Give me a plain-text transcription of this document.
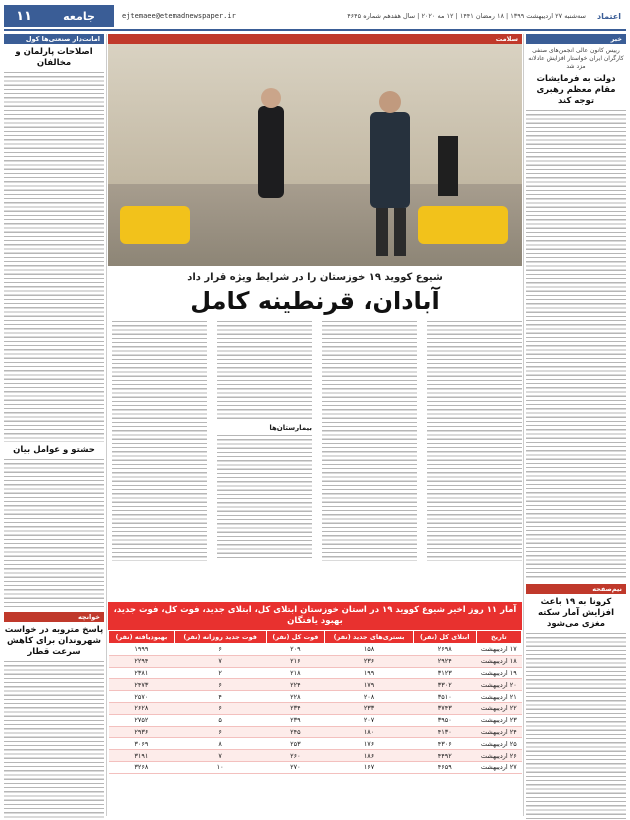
اعتماد
سه‌شنبه ۲۷ اردیبهشت ۱۳۹۹ | ۱۸ رمضان ۱۴۴۱ | ۱۲ مه ۲۰۲۰ | سال هفدهم شماره ۴۶۴۵
ejtemaee@etemadnewspaper.ir
جامعه
۱۱
خبر
رییس کانون عالی انجمن‌های صنفی کارگران ایران خواستار افزایش عادلانه مزد شد
دولت به فرمایشات مقام معظم رهبری توجه کند
نیم‌صفحه
کرونا به ۱۹ باعث افزایش آمار سکته مغزی می‌شود
امانت‌دار صنعتی‌ها کول
اصلاحات پارلمان و مخالفان
حشتو و عوامل بیان
خوانچه
پاسخ متروبه در خواست شهروندان برای کاهش سرعت قطار
سلامت
شیوع کووید ۱۹ خوزستان را در شرایط ویژه قرار داد
آبادان، قرنطینه کامل
بیمارستان‌ها
آمار ۱۱ روز اخیر شیوع کووید ۱۹ در استان خوزستان ابتلای کل، ابتلای جدید، فوت کل، فوت جدید، بهبود یافتگان
تاریخ	ابتلای کل (نفر)	بستری‌های جدید (نفر)	فوت کل (نفر)	فوت جدید روزانه (نفر)	بهبودیافته (نفر)
۱۷ اردیبهشت	۲۶۹۸	۱۵۸	۲۰۹	۶	۱۹۹۹
۱۸ اردیبهشت	۲۹۲۴	۲۳۶	۲۱۶	۷	۲۲۹۴
۱۹ اردیبهشت	۳۱۲۳	۱۹۹	۲۱۸	۲	۲۳۸۱
۲۰ اردیبهشت	۳۳۰۲	۱۷۹	۲۲۴	۶	۲۴۷۳
۲۱ اردیبهشت	۳۵۱۰	۲۰۸	۲۲۸	۴	۲۵۷۰
۲۲ اردیبهشت	۳۷۴۳	۲۳۳	۲۳۴	۶	۲۶۲۸
۲۳ اردیبهشت	۳۹۵۰	۲۰۷	۲۳۹	۵	۲۷۵۲
۲۴ اردیبهشت	۴۱۳۰	۱۸۰	۲۴۵	۶	۲۹۳۶
۲۵ اردیبهشت	۴۳۰۶	۱۷۶	۲۵۳	۸	۳۰۶۹
۲۶ اردیبهشت	۴۴۹۲	۱۸۶	۲۶۰	۷	۳۱۹۱
۲۷ اردیبهشت	۴۶۵۹	۱۶۷	۲۷۰	۱۰	۳۲۶۸
